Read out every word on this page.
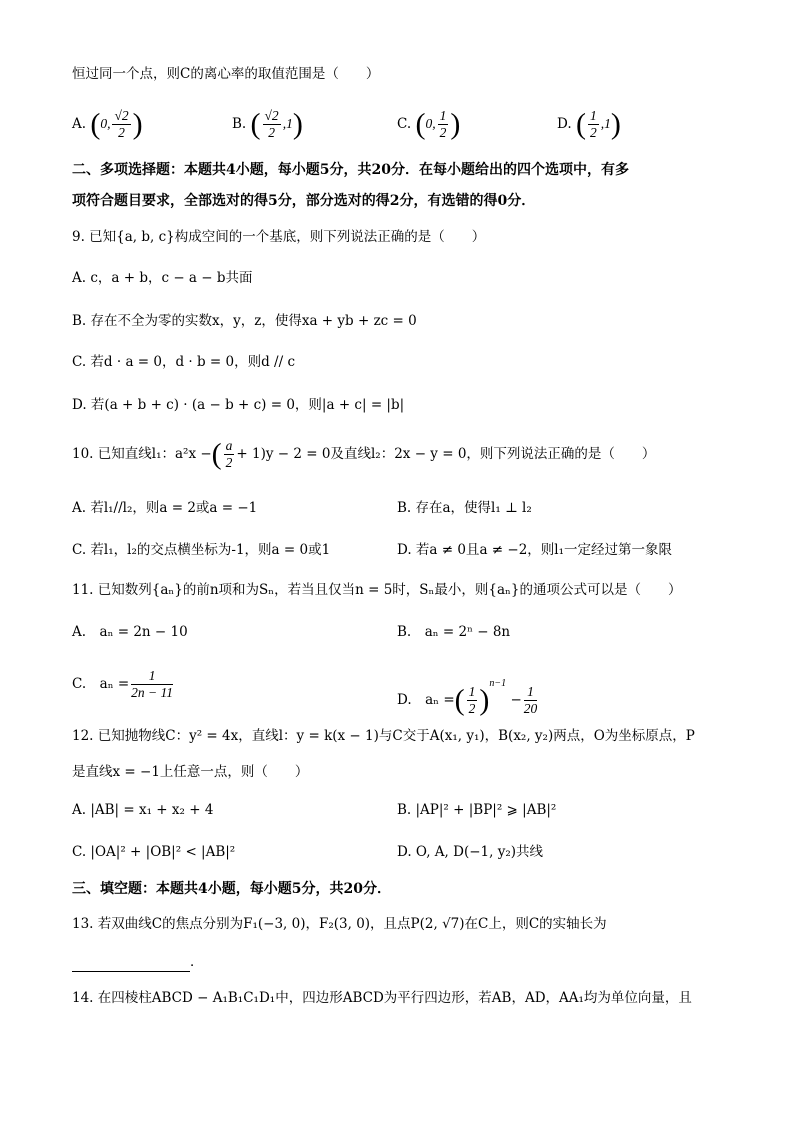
恒过同一个点，则C的离心率的取值范围是（　　）
A. (0, $\frac{√2}{2}$ )	B. ( $\frac{√2}{2} ,1$)	C. (0, $\frac{1}{2}$ )	D. ( $\frac{1}{2} ,1$)
二、多项选择题：本题共4小题，每小题5分，共20分．在每小题给出的四个选项中，有多
项符合题目要求，全部选对的得5分，部分选对的得2分，有选错的得0分．
9. 已知{a, b, c}构成空间的一个基底，则下列说法正确的是（　　）
A. c，a + b，c − a − b共面
B. 存在不全为零的实数x，y，z，使得xa + yb + zc = 0
C. 若d · a = 0，d · b = 0，则d // c
D. 若(a + b + c) · (a − b + c) = 0，则|a + c| = |b|
10. 已知直线l₁：a²x −( $\frac{a}{2} + 1)y - 2 = 0$及直线l₂：2x − y = 0，则下列说法正确的是（　　）
A. 若l₁//l₂，则a = 2或a = −1	B. 存在a，使得l₁ ⊥ l₂
C. 若l₁，l₂的交点横坐标为-1，则a = 0或1	D. 若a ≠ 0且a ≠ −2，则l₁一定经过第一象限
11. 已知数列{aₙ}的前n项和为Sₙ，若当且仅当n = 5时，Sₙ最小，则{aₙ}的通项公式可以是（　　）
A.　aₙ = 2n − 10	B.　aₙ = 2ⁿ − 8n
C.　$a_n = \frac{1}{2n - 11}$	D.　aₙ =( $\frac{1}{2} )^{n-1} - \frac{1}{20}$
12. 已知抛物线C：y² = 4x，直线l：y = k(x − 1)与C交于A(x₁, y₁)，B(x₂, y₂)两点，O为坐标原点，P
是直线x = −1上任意一点，则（　　）
A. |AB| = x₁ + x₂ + 4	B. |AP|² + |BP|² ⩾ |AB|²
C. |OA|² + |OB|² < |AB|²	D. O, A, D(−1, y₂)共线
三、填空题：本题共4小题，每小题5分，共20分．
13. 若双曲线C的焦点分别为F₁(−3, 0)，F₂(3, 0)，且点P(2, √7)在C上，则C的实轴长为
．
14. 在四棱柱ABCD − A₁B₁C₁D₁中，四边形ABCD为平行四边形，若AB，AD，AA₁均为单位向量，且
